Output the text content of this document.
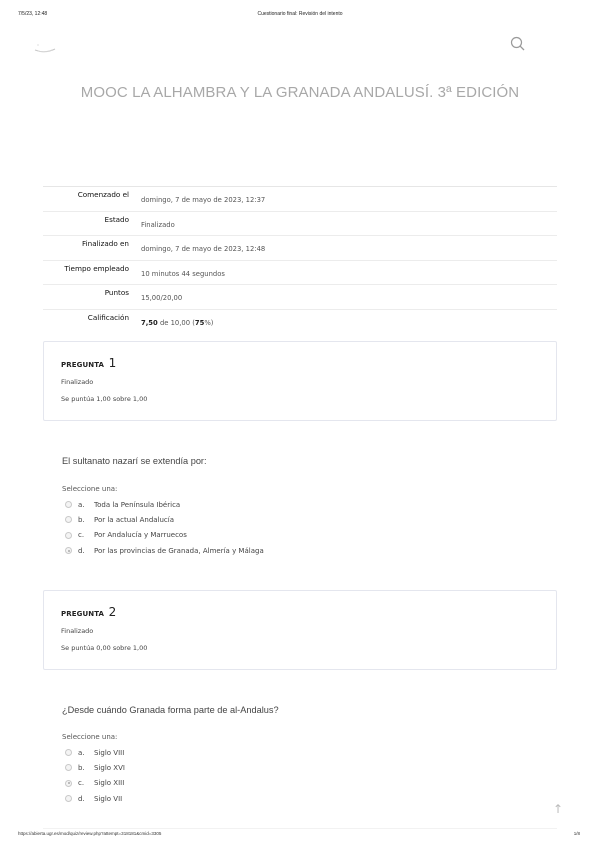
7/5/23, 12:48	Cuestionario final: Revisión del intento
MOOC LA ALHAMBRA Y LA GRANADA ANDALUSÍ. 3ª EDICIÓN
Comenzado el	domingo, 7 de mayo de 2023, 12:37
Estado	Finalizado
Finalizado en	domingo, 7 de mayo de 2023, 12:48
Tiempo empleado	10 minutos 44 segundos
Puntos	15,00/20,00
Calificación	7,50 de 10,00 (75%)
PREGUNTA 1
Finalizado
Se puntúa 1,00 sobre 1,00
El sultanato nazarí se extendía por:
Seleccione una:
a.	Toda la Península Ibérica
b.	Por la actual Andalucía
c.	Por Andalucía y Marruecos
d.	Por las provincias de Granada, Almería y Málaga
PREGUNTA 2
Finalizado
Se puntúa 0,00 sobre 1,00
¿Desde cuándo Granada forma parte de al-Andalus?
Seleccione una:
a.	Siglo VIII
b.	Siglo XVI
c.	Siglo XIII
d.	Siglo VII
↑
https://abierta.ugr.es/mod/quiz/review.php?attempt=318181&cmid=3305	1/8
